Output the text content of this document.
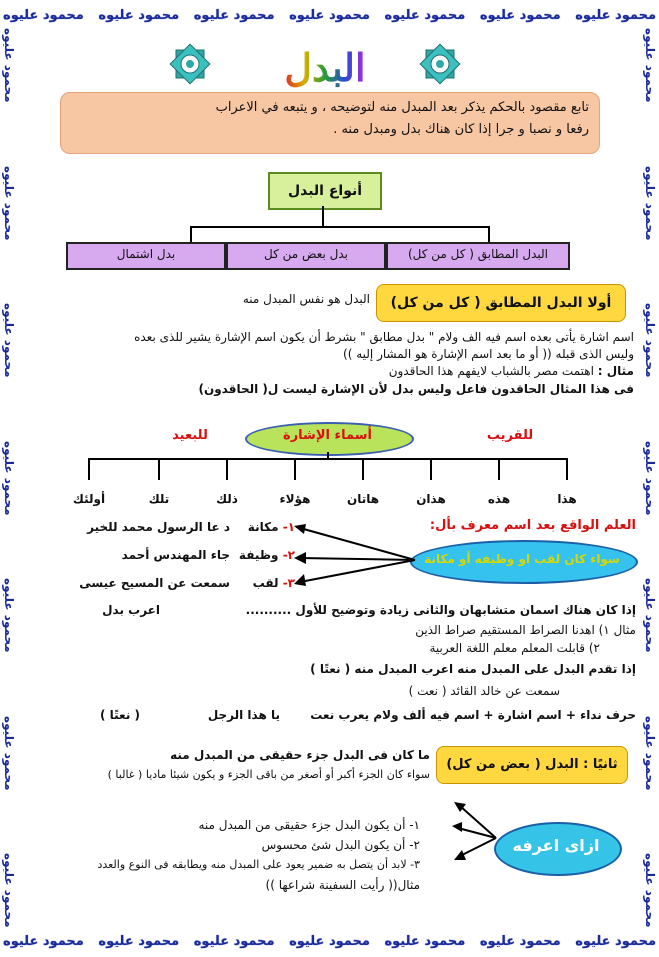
محمود عليوه
محمود عليوه
محمود عليوه
محمود عليوه
محمود عليوه
محمود عليوه
محمود عليوه
محمود عليوه
محمود عليوه
محمود عليوه
محمود عليوه
محمود عليوه
محمود عليوه
محمود عليوه
محمود عليوه
محمود عليوه
محمود عليوه
محمود عليوه
محمود عليوه
محمود عليوه
محمود عليوه
محمود عليوه
محمود عليوه
محمود عليوه
محمود عليوه
محمود عليوه
محمود عليوه
محمود عليوه
البدل
تابع مقصود بالحكم يذكر بعد المبدل منه لتوضيحه ، و يتبعه في الاعراب
رفعا و نصبا و جرا إذا كان هناك بدل ومبدل منه .
أنواع البدل
البدل المطابق ( كل من كل)
بدل بعض من كل
بدل اشتمال
أولا البدل المطابق ( كل من كل)
البدل هو نفس المبدل منه
اسم اشارة يأتى بعده اسم فيه الف ولام " بدل مطابق " بشرط أن يكون اسم الإشارة يشير للذى بعده
وليس الذى قبله (( أو ما بعد اسم الإشارة هو المشار إليه ))
مثال : اهتمت مصر بالشباب لايفهم هذا الحاقدون
فى هذا المثال الحاقدون فاعل وليس بدل لأن الإشارة ليست ل( الحاقدون)
أسماء الإشارة	للقريب
للبعيد
هذا
هذه
هذان
هاتان
هؤلاء
ذلك
تلك
أولئك
العلم الواقع بعد اسم معرف بأل:
سواء كان لقب او وظيفه أو مكانة
١- مكانة
د عا الرسول محمد للخير
٢- وظيفة
جاء المهندس أحمد
٣- لقب
سمعت عن المسيح عيسى
إذا كان هناك اسمان متشابهان والثانى زيادة وتوضيح للأول ..........
اعرب بدل
مثال ١) اهدنا الصراط المستقيم صراط الذين
٢) قابلت المعلم معلم اللغة العربية
إذا تقدم البدل على المبدل منه اعرب المبدل منه ( نعتًا )
سمعت عن خالد القائد ( نعت )
حرف نداء + اسم اشارة + اسم فيه ألف ولام يعرب نعت
يا هذا الرجل
( نعتًا )
ثانيًا : البدل ( بعض من كل)
ما كان فى البدل جزء حقيقى من المبدل منه
سواء كان الجزء أكبر أو أصغر من باقى الجزء و يكون شيئا ماديا ( غالبا )
ازاى اعرفه
١- أن يكون البدل جزء حقيقى من المبدل منه
٢- أن يكون البدل شئ محسوس
٣- لابد أن يتصل به ضمير يعود على المبدل منه ويطابقه فى النوع والعدد
مثال(( رأيت السفينة شراعها ))
